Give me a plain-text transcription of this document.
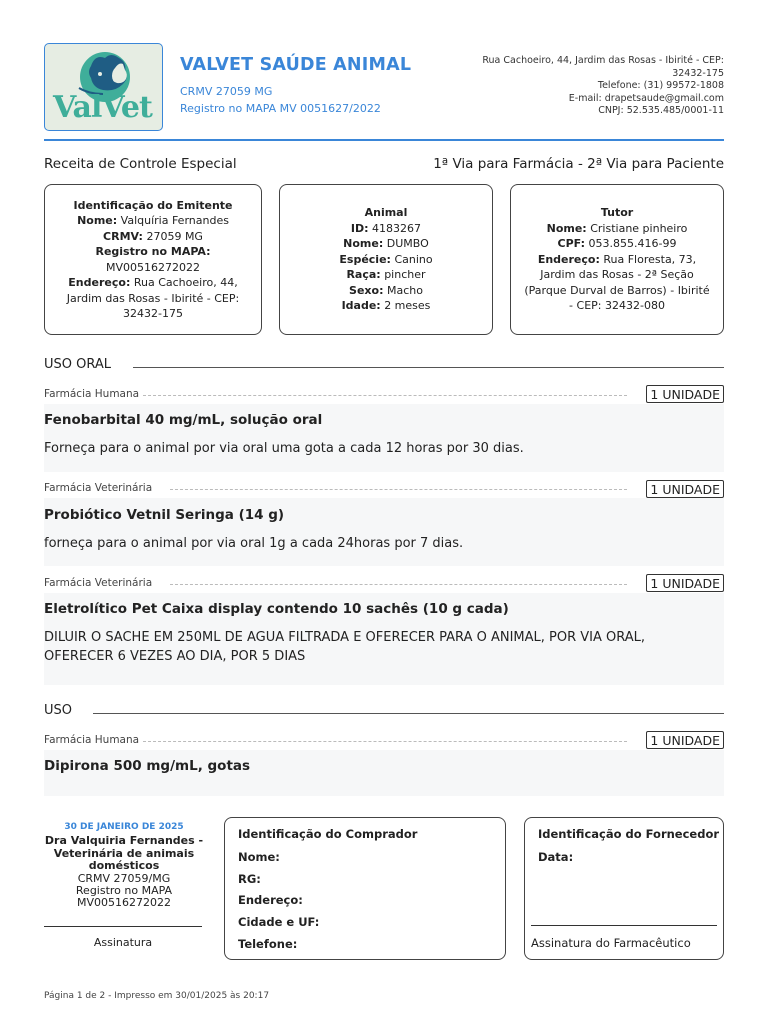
ValVet
VALVET SAÚDE ANIMAL
CRMV 27059 MG
Registro no MAPA MV 0051627/2022
Rua Cachoeiro, 44, Jardim das Rosas - Ibirité - CEP: 32432-175
Telefone: (31) 99572-1808
E-mail: drapetsaude@gmail.com
CNPJ: 52.535.485/0001-11
Receita de Controle Especial	1ª Via para Farmácia - 2ª Via para Paciente
Identificação do Emitente
Nome: Valquíria Fernandes
CRMV: 27059 MG
Registro no MAPA:
MV00516272022
Endereço: Rua Cachoeiro, 44, Jardim das Rosas - Ibirité - CEP: 32432-175
Animal
ID: 4183267
Nome: DUMBO
Espécie: Canino
Raça: pincher
Sexo: Macho
Idade: 2 meses
Tutor
Nome: Cristiane pinheiro
CPF: 053.855.416-99
Endereço: Rua Floresta, 73, Jardim das Rosas - 2ª Seção (Parque Durval de Barros) - Ibirité - CEP: 32432-080
USO ORAL
Farmácia Humana	1 UNIDADE
Fenobarbital 40 mg/mL, solução oral
Forneça para o animal por via oral uma gota a cada 12 horas por 30 dias.
Farmácia Veterinária	1 UNIDADE
Probiótico Vetnil Seringa (14 g)
forneça para o animal por via oral 1g a cada 24horas por 7 dias.
Farmácia Veterinária	1 UNIDADE
Eletrolítico Pet Caixa display contendo 10 sachês (10 g cada)
DILUIR O SACHE EM 250ML DE AGUA FILTRADA E OFERECER PARA O ANIMAL, POR VIA ORAL, OFERECER 6 VEZES AO DIA, POR 5 DIAS
USO
Farmácia Humana	1 UNIDADE
Dipirona 500 mg/mL, gotas
30 DE JANEIRO DE 2025
Dra Valquiria Fernandes - Veterinária de animais domésticos
CRMV 27059/MG
Registro no MAPA
MV00516272022
Assinatura
Identificação do Comprador
Nome:
RG:
Endereço:
Cidade e UF:
Telefone:
Identificação do Fornecedor
Data:
Assinatura do Farmacêutico
Página 1 de 2 - Impresso em 30/01/2025 às 20:17
